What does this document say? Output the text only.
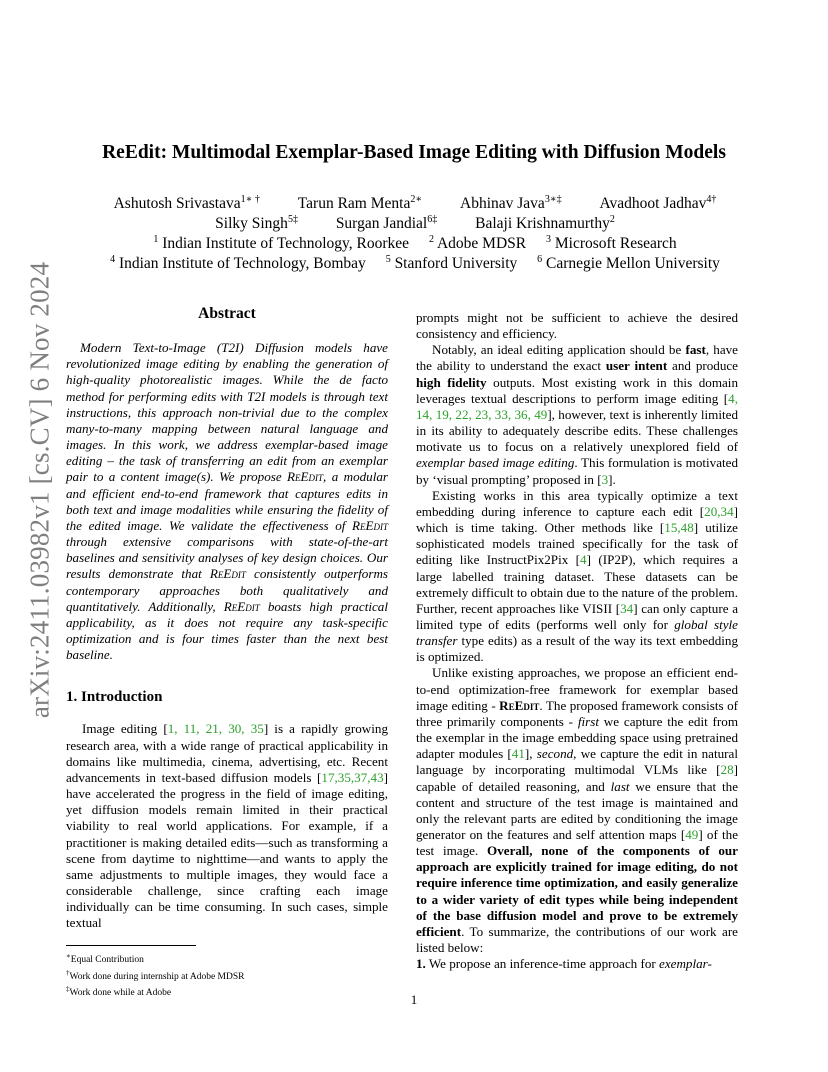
arXiv:2411.03982v1 [cs.CV] 6 Nov 2024
ReEdit: Multimodal Exemplar-Based Image Editing with Diffusion Models
Ashutosh Srivastava$^{1∗ \dagger}$ Tarun Ram Menta$^{2∗}$ Abhinav Java$^{3∗\ddagger}$ Avadhoot Jadhav$^{4\dagger}$
Silky Singh$^{5\ddagger}$ Surgan Jandial$^{6\ddagger}$ Balaji Krishnamurthy$^2$
$^1$ Indian Institute of Technology, Roorkee $^2$ Adobe MDSR $^3$ Microsoft Research
$^4$ Indian Institute of Technology, Bombay $^5$ Stanford University $^6$ Carnegie Mellon University
Abstract

Modern Text-to-Image (T2I) Diffusion models have revolutionized image editing by enabling the generation of high-quality photorealistic images. While the de facto method for performing edits with T2I models is through text instructions, this approach non-trivial due to the complex many-to-many mapping between natural language and images. In this work, we address exemplar-based image editing – the task of transferring an edit from an exemplar pair to a content image(s). We propose ReEdit, a modular and efficient end-to-end framework that captures edits in both text and image modalities while ensuring the fidelity of the edited image. We validate the effectiveness of ReEdit through extensive comparisons with state-of-the-art baselines and sensitivity analyses of key design choices. Our results demonstrate that ReEdit consistently outperforms contemporary approaches both qualitatively and quantitatively. Additionally, ReEdit boasts high practical applicability, as it does not require any task-specific optimization and is four times faster than the next best baseline.

1. Introduction

Image editing [1, 11, 21, 30, 35] is a rapidly growing research area, with a wide range of practical applicability in domains like multimedia, cinema, advertising, etc. Recent advancements in text-based diffusion models [17,35,37,43] have accelerated the progress in the field of image editing, yet diffusion models remain limited in their practical viability to real world applications. For example, if a practitioner is making detailed edits—such as transforming a scene from daytime to nighttime—and wants to apply the same adjustments to multiple images, they would face a considerable challenge, since crafting each image individually can be time consuming. In such cases, simple textual

∗Equal Contribution

†Work done during internship at Adobe MDSR

‡Work done while at Adobe

prompts might not be sufficient to achieve the desired consistency and efficiency.

Notably, an ideal editing application should be fast, have the ability to understand the exact user intent and produce high fidelity outputs. Most existing work in this domain leverages textual descriptions to perform image editing [4, 14, 19, 22, 23, 33, 36, 49], however, text is inherently limited in its ability to adequately describe edits. These challenges motivate us to focus on a relatively unexplored field of exemplar based image editing. This formulation is motivated by ‘visual prompting’ proposed in [3].

Existing works in this area typically optimize a text embedding during inference to capture each edit [20,34] which is time taking. Other methods like [15,48] utilize sophisticated models trained specifically for the task of editing like InstructPix2Pix [4] (IP2P), which requires a large labelled training dataset. These datasets can be extremely difficult to obtain due to the nature of the problem. Further, recent approaches like VISII [34] can only capture a limited type of edits (performs well only for global style transfer type edits) as a result of the way its text embedding is optimized.

Unlike existing approaches, we propose an efficient end-to-end optimization-free framework for exemplar based image editing - ReEdit. The proposed framework consists of three primarily components - first we capture the edit from the exemplar in the image embedding space using pretrained adapter modules [41], second, we capture the edit in natural language by incorporating multimodal VLMs like [28] capable of detailed reasoning, and last we ensure that the content and structure of the test image is maintained and only the relevant parts are edited by conditioning the image generator on the features and self attention maps [49] of the test image. Overall, none of the components of our approach are explicitly trained for image editing, do not require inference time optimization, and easily generalize to a wider variety of edit types while being independent of the base diffusion model and prove to be extremely efficient. To summarize, the contributions of our work are listed below:

1. We propose an inference-time approach for exemplar-

1
